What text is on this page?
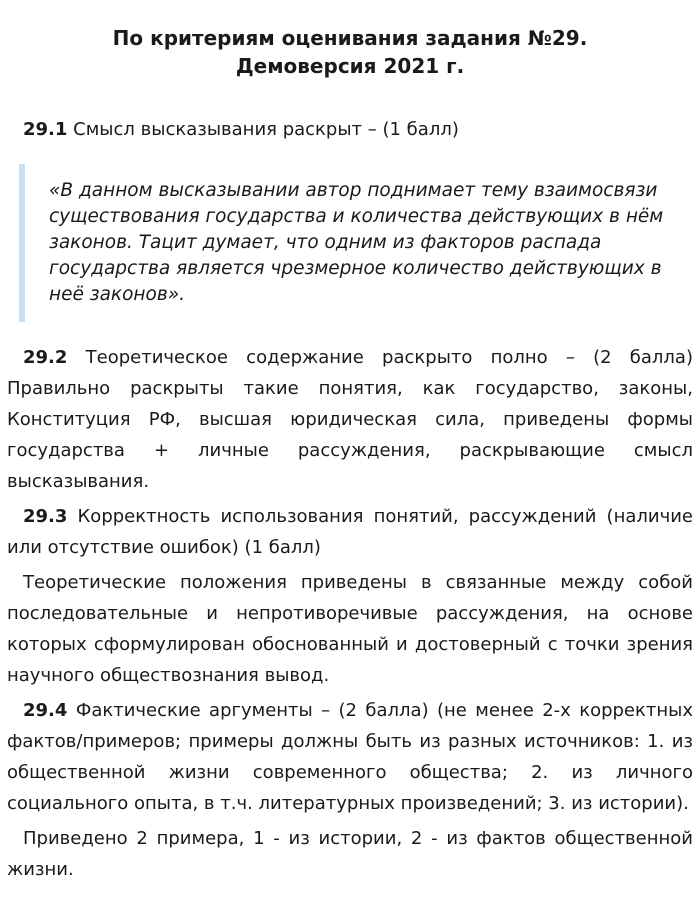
По критериям оценивания задания №29.
Демоверсия 2021 г.
29.1 Смысл высказывания раскрыт – (1 балл)
«В данном высказывании автор поднимает тему взаимосвязи существования государства и количества действующих в нём законов. Тацит думает, что одним из факторов распада государства является чрезмерное количество действующих в неё законов».
29.2 Теоретическое содержание раскрыто полно – (2 балла) Правильно раскрыты такие понятия, как государство, законы, Конституция РФ, высшая юридическая сила, приведены формы государства + личные рассуждения, раскрывающие смысл высказывания.
29.3 Корректность использования понятий, рассуждений (наличие или отсутствие ошибок) (1 балл)
Теоретические положения приведены в связанные между собой последовательные и непротиворечивые рассуждения, на основе которых сформулирован обоснованный и достоверный с точки зрения научного обществознания вывод.
29.4 Фактические аргументы – (2 балла) (не менее 2-х корректных фактов/примеров; примеры должны быть из разных источников: 1. из общественной жизни современного общества; 2. из личного социального опыта, в т.ч. литературных произведений; 3. из истории).
Приведено 2 примера, 1 - из истории, 2 - из фактов общественной жизни.
